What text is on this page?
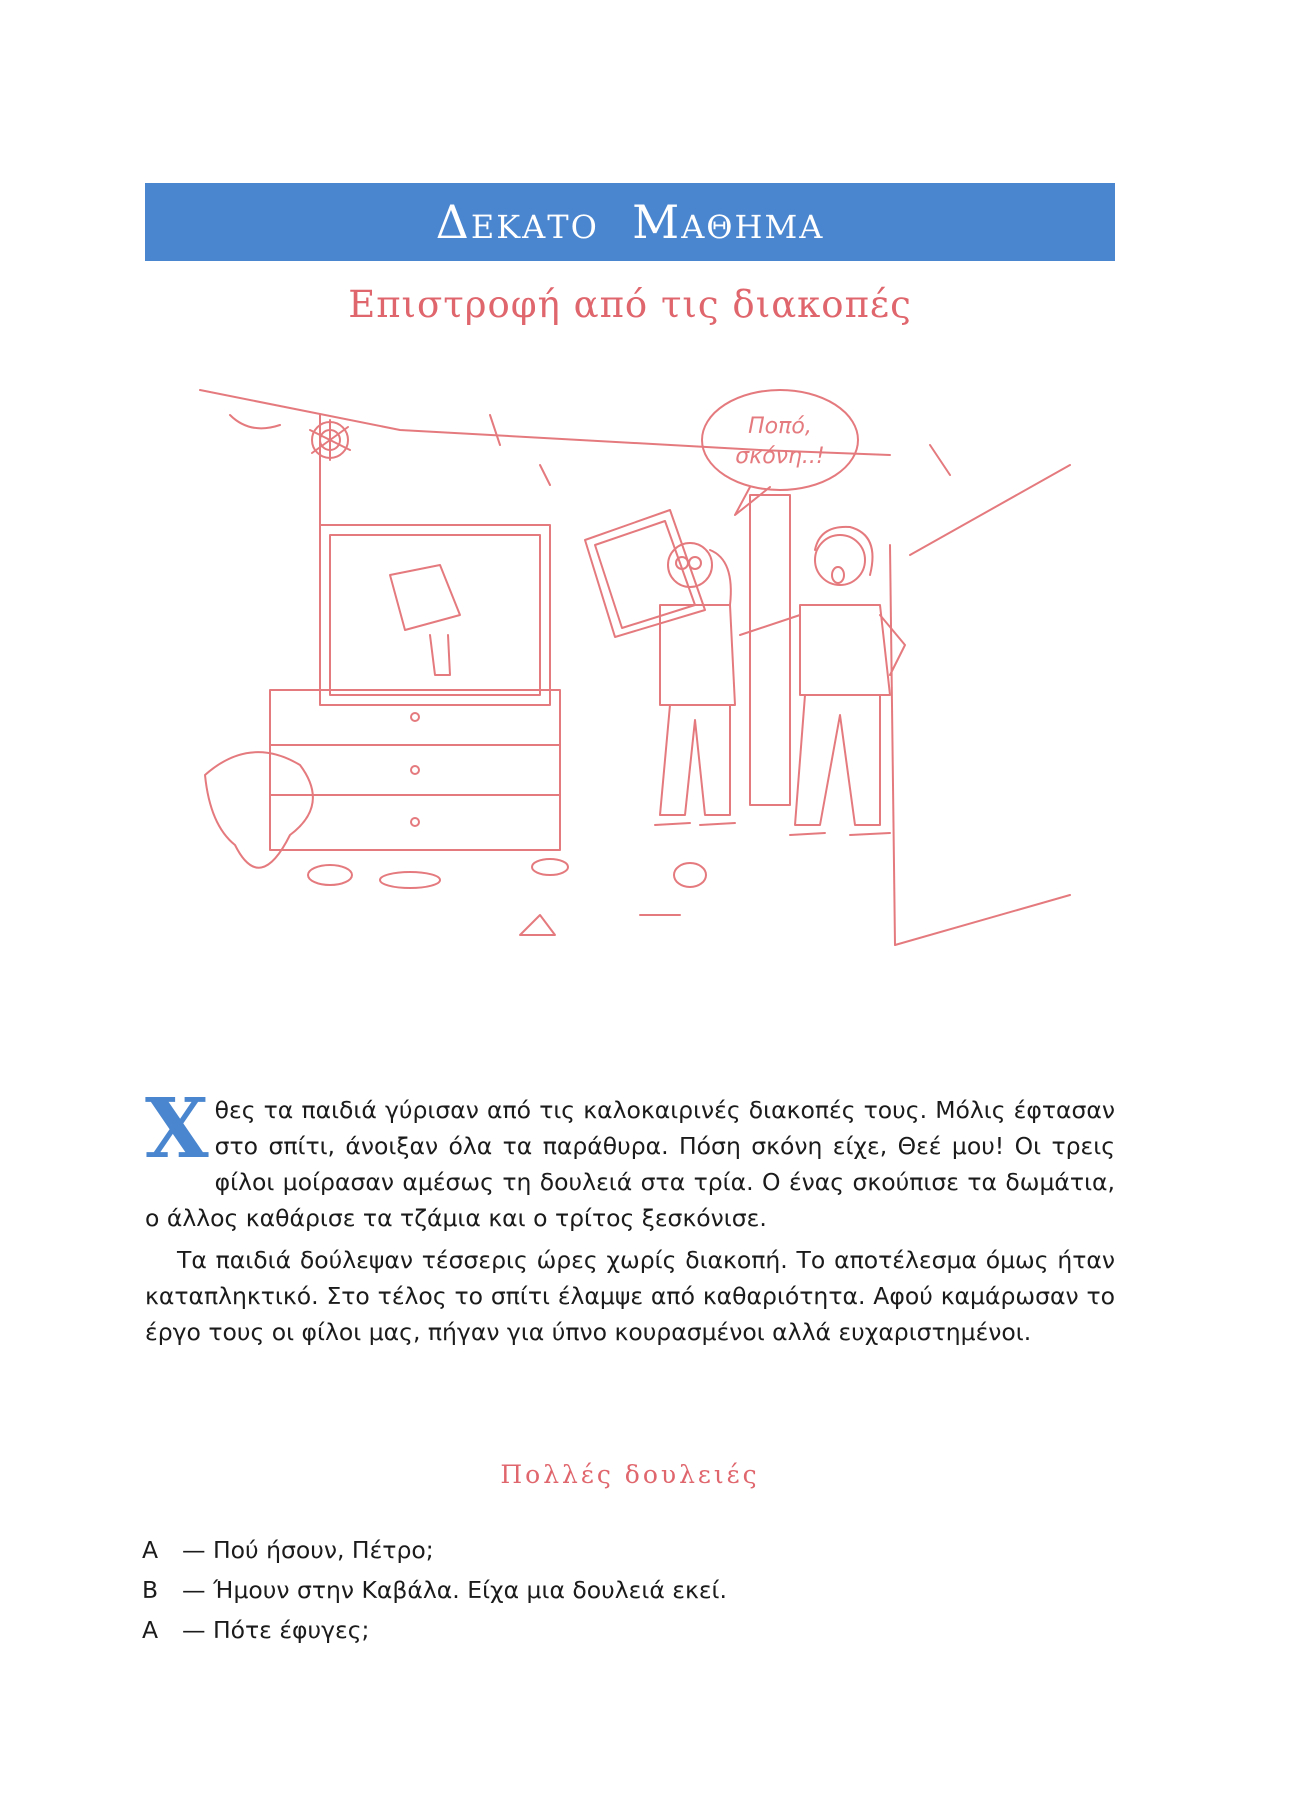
Δεκατο  Μαθημα
Επιστροφή από τις διακοπές
Ποπό,
σκόνη..!

Χθες τα παιδιά γύρισαν από τις καλοκαιρινές διακοπές τους. Μόλις έφτασαν στο σπίτι, άνοιξαν όλα τα παράθυρα. Πόση σκόνη είχε, Θεέ μου! Οι τρεις φίλοι μοίρασαν αμέσως τη δουλειά στα τρία. Ο ένας σκούπισε τα δωμάτια, ο άλλος καθάρισε τα τζάμια και ο τρίτος ξεσκόνισε.

Τα παιδιά δούλεψαν τέσσερις ώρες χωρίς διακοπή. Το αποτέλεσμα όμως ήταν καταπληκτικό. Στο τέλος το σπίτι έλαμψε από καθαριότητα. Αφού καμάρωσαν το έργο τους οι φίλοι μας, πήγαν για ύπνο κουρασμένοι αλλά ευχαριστημένοι.

Πολλές δουλειές
Α	— Πού ήσουν, Πέτρο;
Β	— Ήμουν στην Καβάλα. Είχα μια δουλειά εκεί.
Α	— Πότε έφυγες;
